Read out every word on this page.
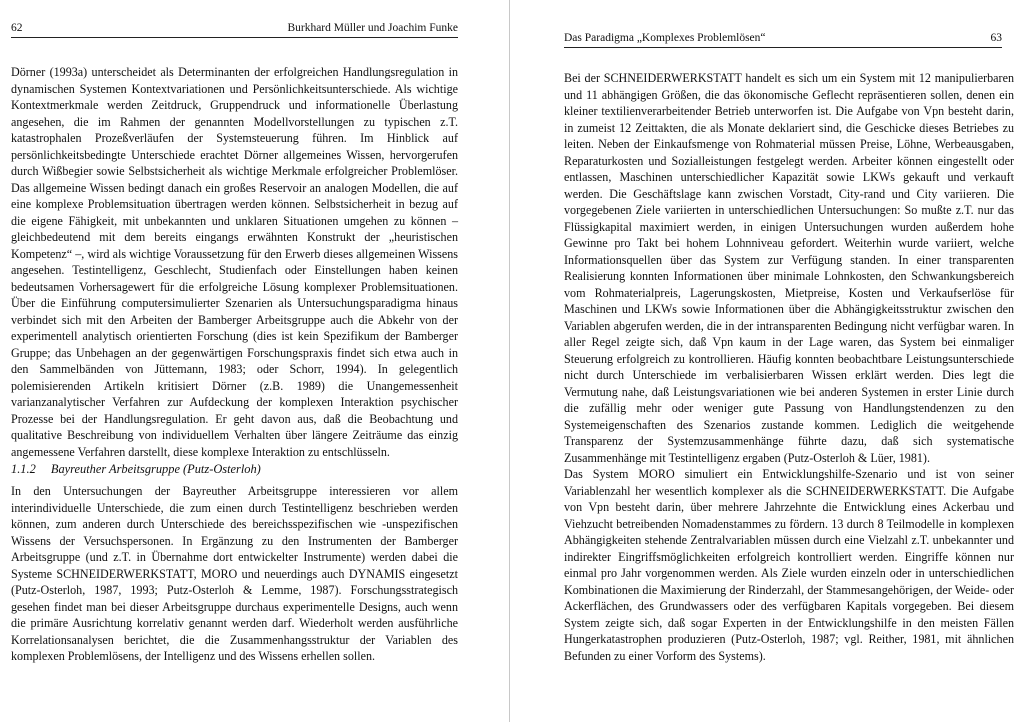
62	Burkhard Müller und Joachim Funke

Dörner (1993a) unterscheidet als Determinanten der erfolgreichen Handlungsregulation in dynamischen Systemen Kontextvariationen und Persönlichkeitsunterschiede. Als wichtige Kontextmerkmale werden Zeitdruck, Gruppendruck und informationelle Überlastung angesehen, die im Rahmen der genannten Modellvorstellungen zu typischen z.T. katastrophalen Prozeßverläufen der Systemsteuerung führen. Im Hinblick auf persönlichkeitsbedingte Unterschiede erachtet Dörner allgemeines Wissen, hervorgerufen durch Wißbegier sowie Selbstsicherheit als wichtige Merkmale erfolgreicher Problemlöser. Das allgemeine Wissen bedingt danach ein großes Reservoir an analogen Modellen, die auf eine komplexe Problemsituation übertragen werden können. Selbstsicherheit in bezug auf die eigene Fähigkeit, mit unbekannten und unklaren Situationen umgehen zu können – gleichbedeutend mit dem bereits eingangs erwähnten Konstrukt der „heuristischen Kompetenz“ –, wird als wichtige Voraussetzung für den Erwerb dieses allgemeinen Wissens angesehen. Testintelligenz, Geschlecht, Studienfach oder Einstellungen haben keinen bedeutsamen Vorhersagewert für die erfolgreiche Lösung komplexer Problemsituationen. Über die Einführung computersimulierter Szenarien als Untersuchungsparadigma hinaus verbindet sich mit den Arbeiten der Bamberger Arbeitsgruppe auch die Abkehr von der experimentell analytisch orientierten Forschung (dies ist kein Spezifikum der Bamberger Gruppe; das Unbehagen an der gegenwärtigen Forschungspraxis findet sich etwa auch in den Sammelbänden von Jüttemann, 1983; oder Schorr, 1994). In gelegentlich polemisierenden Artikeln kritisiert Dörner (z.B. 1989) die Unangemessenheit varianzanalytischer Verfahren zur Aufdeckung der komplexen Interaktion psychischer Prozesse bei der Handlungsregulation. Er geht davon aus, daß die Beobachtung und qualitative Beschreibung von individuellem Verhalten über längere Zeiträume das einzig angemessene Verfahren darstellt, diese komplexe Interaktion zu entschlüsseln.

1.1.2 Bayreuther Arbeitsgruppe (Putz-Osterloh)

In den Untersuchungen der Bayreuther Arbeitsgruppe interessieren vor allem interindividuelle Unterschiede, die zum einen durch Testintelligenz beschrieben werden können, zum anderen durch Unterschiede des bereichsspezifischen wie -unspezifischen Wissens der Versuchspersonen. In Ergänzung zu den Instrumenten der Bamberger Arbeitsgruppe (und z.T. in Übernahme dort entwickelter Instrumente) werden dabei die Systeme SCHNEIDERWERKSTATT, MORO und neuerdings auch DYNAMIS eingesetzt (Putz-Osterloh, 1987, 1993; Putz-Osterloh & Lemme, 1987). Forschungsstrategisch gesehen findet man bei dieser Arbeitsgruppe durchaus experimentelle Designs, auch wenn die primäre Ausrichtung korrelativ genannt werden darf. Wiederholt werden ausführliche Korrelationsanalysen berichtet, die die Zusammenhangsstruktur der Variablen des komplexen Problemlösens, der Intelligenz und des Wissens erhellen sollen.

Das Paradigma „Komplexes Problemlösen“	63

Bei der SCHNEIDERWERKSTATT handelt es sich um ein System mit 12 manipulierbaren und 11 abhängigen Größen, die das ökonomische Geflecht repräsentieren sollen, denen ein kleiner textilienverarbeitender Betrieb unterworfen ist. Die Aufgabe von Vpn besteht darin, in zumeist 12 Zeittakten, die als Monate deklariert sind, die Geschicke dieses Betriebes zu leiten. Neben der Einkaufsmenge von Rohmaterial müssen Preise, Löhne, Werbeausgaben, Reparaturkosten und Sozialleistungen festgelegt werden. Arbeiter können eingestellt oder entlassen, Maschinen unterschiedlicher Kapazität sowie LKWs gekauft und verkauft werden. Die Geschäftslage kann zwischen Vorstadt, City-rand und City variieren. Die vorgegebenen Ziele variierten in unterschiedlichen Untersuchungen: So mußte z.T. nur das Flüssigkapital maximiert werden, in einigen Untersuchungen wurden außerdem hohe Gewinne pro Takt bei hohem Lohnniveau gefordert. Weiterhin wurde variiert, welche Informationsquellen über das System zur Verfügung standen. In einer transparenten Realisierung konnten Informationen über minimale Lohnkosten, den Schwankungsbereich vom Rohmaterialpreis, Lagerungskosten, Mietpreise, Kosten und Verkaufserlöse für Maschinen und LKWs sowie Informationen über die Abhängigkeitsstruktur zwischen den Variablen abgerufen werden, die in der intransparenten Bedingung nicht verfügbar waren. In aller Regel zeigte sich, daß Vpn kaum in der Lage waren, das System bei einmaliger Steuerung erfolgreich zu kontrollieren. Häufig konnten beobachtbare Leistungsunterschiede nicht durch Unterschiede im verbalisierbaren Wissen erklärt werden. Dies legt die Vermutung nahe, daß Leistungsvariationen wie bei anderen Systemen in erster Linie durch die zufällig mehr oder weniger gute Passung von Handlungstendenzen zu den Systemeigenschaften des Szenarios zustande kommen. Lediglich die weitgehende Transparenz der Systemzusammenhänge führte dazu, daß sich systematische Zusammenhänge mit Testintelligenz ergaben (Putz-Osterloh & Lüer, 1981).

Das System MORO simuliert ein Entwicklungshilfe-Szenario und ist von seiner Variablenzahl her wesentlich komplexer als die SCHNEIDERWERKSTATT. Die Aufgabe von Vpn besteht darin, über mehrere Jahrzehnte die Entwicklung eines Ackerbau und Viehzucht betreibenden Nomadenstammes zu fördern. 13 durch 8 Teilmodelle in komplexen Abhängigkeiten stehende Zentralvariablen müssen durch eine Vielzahl z.T. unbekannter und indirekter Eingriffsmöglichkeiten erfolgreich kontrolliert werden. Eingriffe können nur einmal pro Jahr vorgenommen werden. Als Ziele wurden einzeln oder in unterschiedlichen Kombinationen die Maximierung der Rinderzahl, der Stammesangehörigen, der Weide- oder Ackerflächen, des Grundwassers oder des verfügbaren Kapitals vorgegeben. Bei diesem System zeigte sich, daß sogar Experten in der Entwicklungshilfe in den meisten Fällen Hungerkatastrophen produzieren (Putz-Osterloh, 1987; vgl. Reither, 1981, mit ähnlichen Befunden zu einer Vorform des Systems).
